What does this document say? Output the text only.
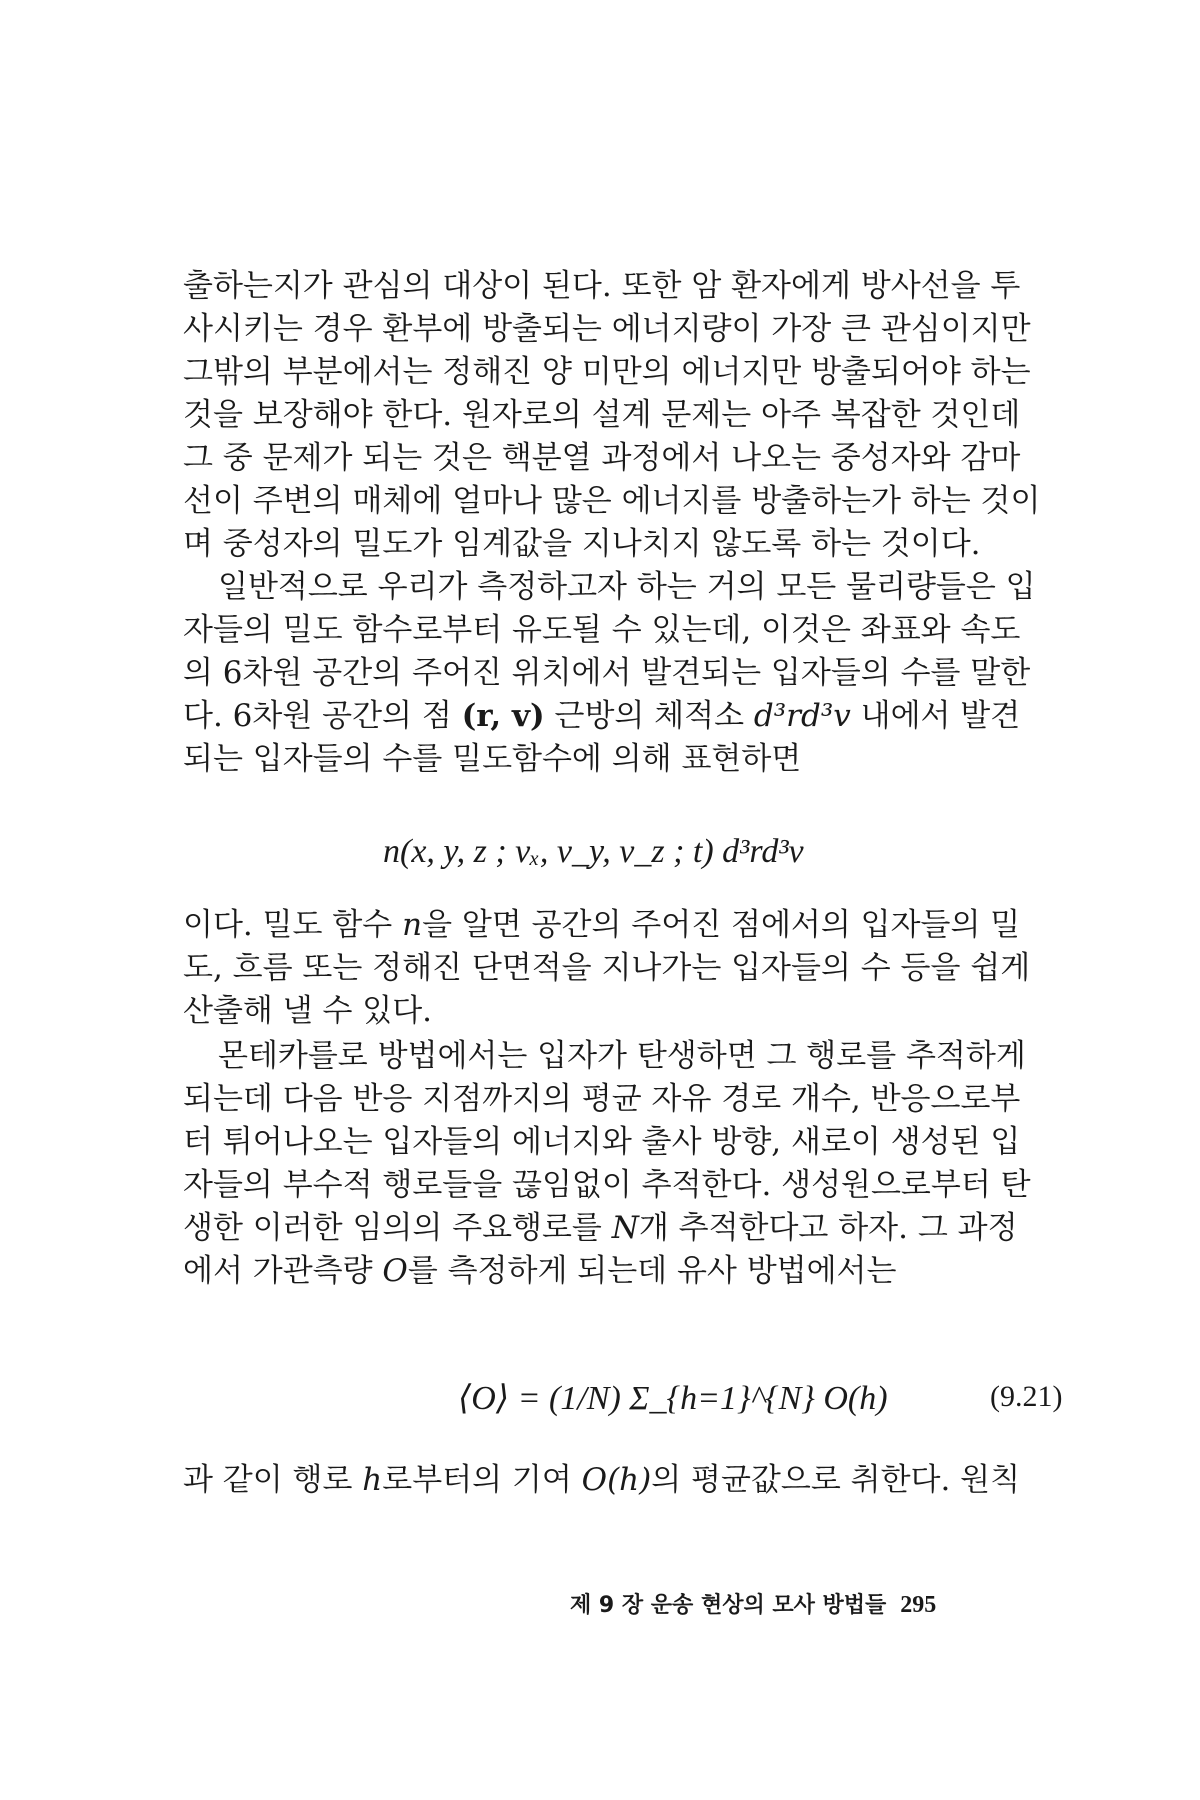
출하는지가 관심의 대상이 된다. 또한 암 환자에게 방사선을 투
사시키는 경우 환부에 방출되는 에너지량이 가장 큰 관심이지만
그밖의 부분에서는 정해진 양 미만의 에너지만 방출되어야 하는
것을 보장해야 한다. 원자로의 설계 문제는 아주 복잡한 것인데
그 중 문제가 되는 것은 핵분열 과정에서 나오는 중성자와 감마
선이 주변의 매체에 얼마나 많은 에너지를 방출하는가 하는 것이
며 중성자의 밀도가 임계값을 지나치지 않도록 하는 것이다.
일반적으로 우리가 측정하고자 하는 거의 모든 물리량들은 입
자들의 밀도 함수로부터 유도될 수 있는데, 이것은 좌표와 속도
의 6차원 공간의 주어진 위치에서 발견되는 입자들의 수를 말한
다. 6차원 공간의 점 (r, v) 근방의 체적소 d³rd³v 내에서 발견
되는 입자들의 수를 밀도함수에 의해 표현하면
n(x, y, z ; vₓ, v_y, v_z ; t) d³rd³v
이다. 밀도 함수 n을 알면 공간의 주어진 점에서의 입자들의 밀
도, 흐름 또는 정해진 단면적을 지나가는 입자들의 수 등을 쉽게
산출해 낼 수 있다.
몬테카를로 방법에서는 입자가 탄생하면 그 행로를 추적하게
되는데 다음 반응 지점까지의 평균 자유 경로 개수, 반응으로부
터 튀어나오는 입자들의 에너지와 출사 방향, 새로이 생성된 입
자들의 부수적 행로들을 끊임없이 추적한다. 생성원으로부터 탄
생한 이러한 임의의 주요행로를 N개 추적한다고 하자. 그 과정
에서 가관측량 O를 측정하게 되는데 유사 방법에서는
⟨O⟩ = (1/N) Σ_{h=1}^{N} O(h)	(9.21)
과 같이 행로 h로부터의 기여 O(h)의 평균값으로 취한다. 원칙
제 9 장 운송 현상의 모사 방법들 295
